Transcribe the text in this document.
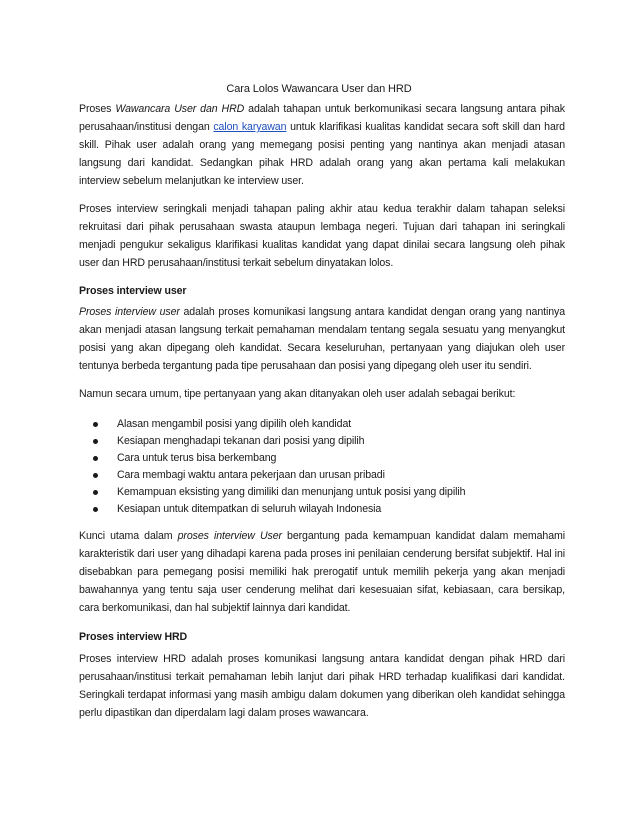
Cara Lolos Wawancara User dan HRD

Proses Wawancara User dan HRD adalah tahapan untuk berkomunikasi secara langsung antara pihak perusahaan/institusi dengan calon karyawan untuk klarifikasi kualitas kandidat secara soft skill dan hard skill. Pihak user adalah orang yang memegang posisi penting yang nantinya akan menjadi atasan langsung dari kandidat. Sedangkan pihak HRD adalah orang yang akan pertama kali melakukan interview sebelum melanjutkan ke interview user.

Proses interview seringkali menjadi tahapan paling akhir atau kedua terakhir dalam tahapan seleksi rekruitasi dari pihak perusahaan swasta ataupun lembaga negeri. Tujuan dari tahapan ini seringkali menjadi pengukur sekaligus klarifikasi kualitas kandidat yang dapat dinilai secara langsung oleh pihak user dan HRD perusahaan/institusi terkait sebelum dinyatakan lolos.

Proses interview user

Proses interview user adalah proses komunikasi langsung antara kandidat dengan orang yang nantinya akan menjadi atasan langsung terkait pemahaman mendalam tentang segala sesuatu yang menyangkut posisi yang akan dipegang oleh kandidat. Secara keseluruhan, pertanyaan yang diajukan oleh user tentunya berbeda tergantung pada tipe perusahaan dan posisi yang dipegang oleh user itu sendiri.

Namun secara umum, tipe pertanyaan yang akan ditanyakan oleh user adalah sebagai berikut:

Alasan mengambil posisi yang dipilih oleh kandidat
Kesiapan menghadapi tekanan dari posisi yang dipilih
Cara untuk terus bisa berkembang
Cara membagi waktu antara pekerjaan dan urusan pribadi
Kemampuan eksisting yang dimiliki dan menunjang untuk posisi yang dipilih
Kesiapan untuk ditempatkan di seluruh wilayah Indonesia

Kunci utama dalam proses interview User bergantung pada kemampuan kandidat dalam memahami karakteristik dari user yang dihadapi karena pada proses ini penilaian cenderung bersifat subjektif. Hal ini disebabkan para pemegang posisi memiliki hak prerogatif untuk memilih pekerja yang akan menjadi bawahannya yang tentu saja user cenderung melihat dari kesesuaian sifat, kebiasaan, cara bersikap, cara berkomunikasi, dan hal subjektif lainnya dari kandidat.

Proses interview HRD

Proses interview HRD adalah proses komunikasi langsung antara kandidat dengan pihak HRD dari perusahaan/institusi terkait pemahaman lebih lanjut dari pihak HRD terhadap kualifikasi dari kandidat. Seringkali terdapat informasi yang masih ambigu dalam dokumen yang diberikan oleh kandidat sehingga perlu dipastikan dan diperdalam lagi dalam proses wawancara.
